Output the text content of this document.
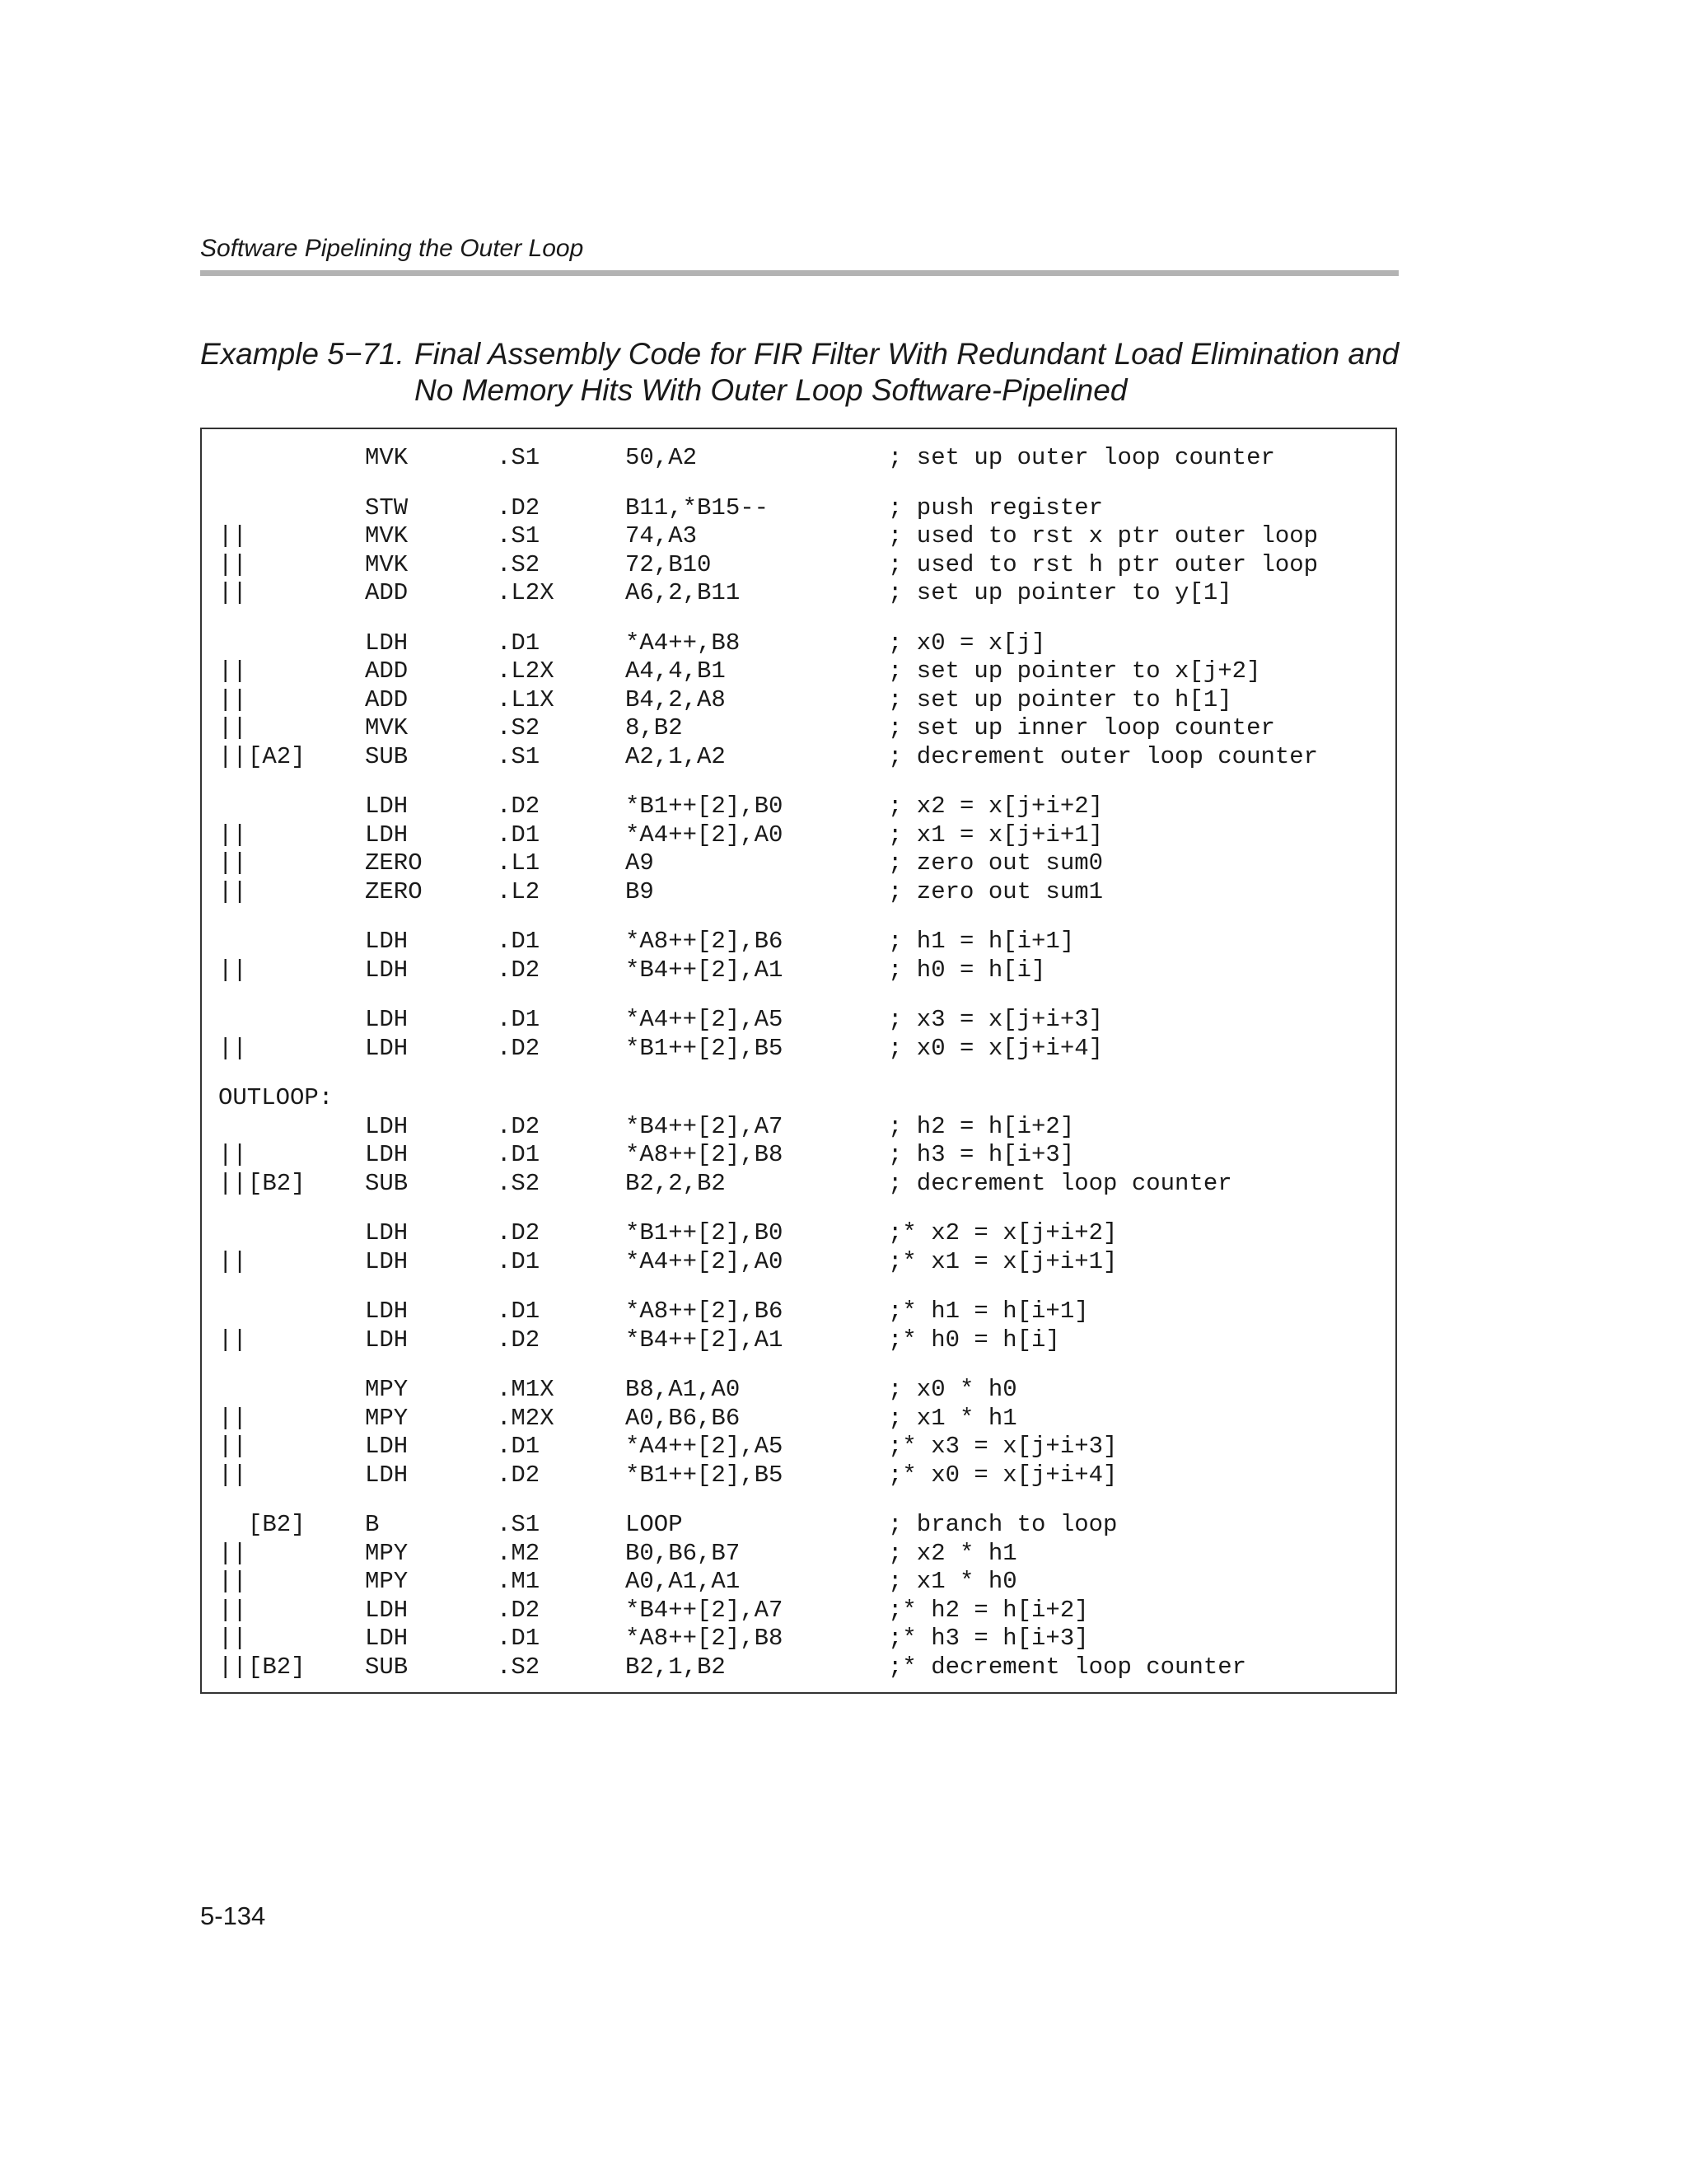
Software Pipelining the Outer Loop
Example 5−71. Final Assembly Code for FIR Filter With Redundant Load Elimination and
No Memory Hits With Outer Loop Software-Pipelined
MVK	.S1	50,A2	; set up outer loop counter
STW	.D2	B11,*B15--	; push register
||	MVK	.S1	74,A3	; used to rst x ptr outer loop
||	MVK	.S2	72,B10	; used to rst h ptr outer loop
||	ADD	.L2X	A6,2,B11	; set up pointer to y[1]
LDH	.D1	*A4++,B8	; x0 = x[j]
||	ADD	.L2X	A4,4,B1	; set up pointer to x[j+2]
||	ADD	.L1X	B4,2,A8	; set up pointer to h[1]
||	MVK	.S2	8,B2	; set up inner loop counter
|| [A2] SUB	.S1	A2,1,A2	; decrement outer loop counter
LDH	.D2	*B1++[2],B0	; x2 = x[j+i+2]
||	LDH	.D1	*A4++[2],A0	; x1 = x[j+i+1]
||	ZERO	.L1	A9	; zero out sum0
||	ZERO	.L2	B9	; zero out sum1
LDH	.D1	*A8++[2],B6	; h1 = h[i+1]
||	LDH	.D2	*B4++[2],A1	; h0 = h[i]
LDH	.D1	*A4++[2],A5	; x3 = x[j+i+3]
||	LDH	.D2	*B1++[2],B5	; x0 = x[j+i+4]
OUTLOOP:
LDH	.D2	*B4++[2],A7	; h2 = h[i+2]
||	LDH	.D1	*A8++[2],B8	; h3 = h[i+3]
|| [B2] SUB	.S2	B2,2,B2	; decrement loop counter
LDH	.D2	*B1++[2],B0	;* x2 = x[j+i+2]
||	LDH	.D1	*A4++[2],A0	;* x1 = x[j+i+1]
LDH	.D1	*A8++[2],B6	;* h1 = h[i+1]
||	LDH	.D2	*B4++[2],A1	;* h0 = h[i]
MPY	.M1X	B8,A1,A0	; x0 * h0
||	MPY	.M2X	A0,B6,B6	; x1 * h1
||	LDH	.D1	*A4++[2],A5	;* x3 = x[j+i+3]
||	LDH	.D2	*B1++[2],B5	;* x0 = x[j+i+4]
[B2] B	.S1	LOOP	; branch to loop
||	MPY	.M2	B0,B6,B7	; x2 * h1
||	MPY	.M1	A0,A1,A1	; x1 * h0
||	LDH	.D2	*B4++[2],A7	;* h2 = h[i+2]
||	LDH	.D1	*A8++[2],B8	;* h3 = h[i+3]
|| [B2] SUB	.S2	B2,1,B2	;* decrement loop counter
5-134
